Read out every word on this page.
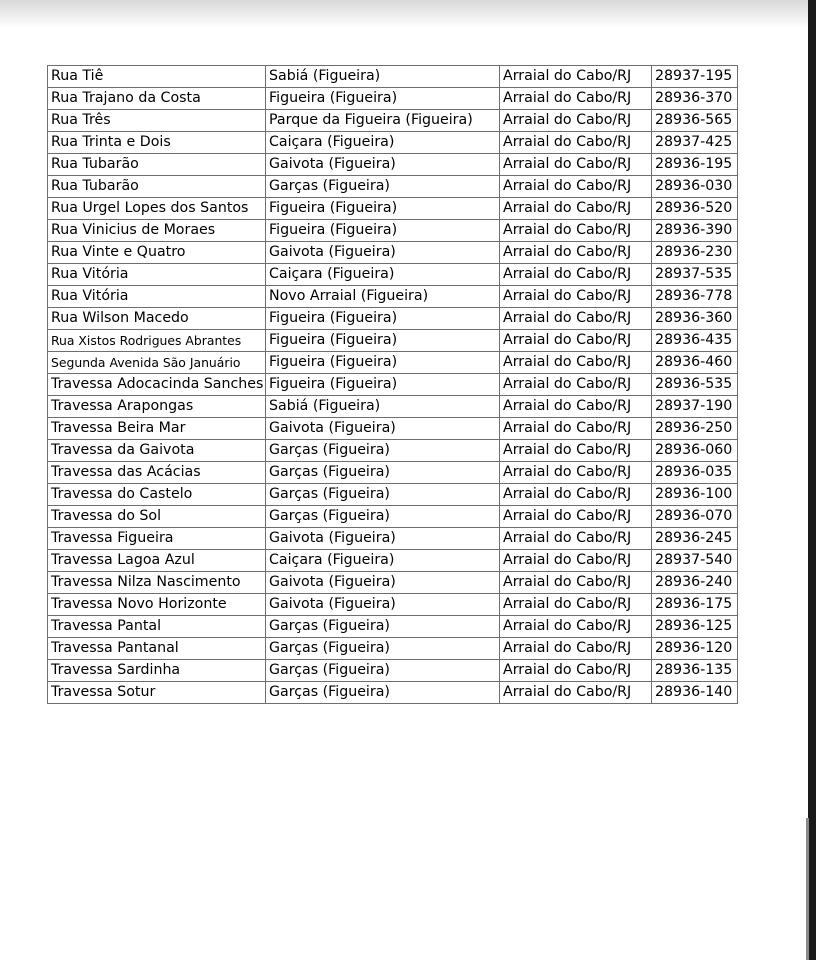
Rua Tiê	Sabiá (Figueira)	Arraial do Cabo/RJ	28937-195
Rua Trajano da Costa	Figueira (Figueira)	Arraial do Cabo/RJ	28936-370
Rua Três	Parque da Figueira (Figueira)	Arraial do Cabo/RJ	28936-565
Rua Trinta e Dois	Caiçara (Figueira)	Arraial do Cabo/RJ	28937-425
Rua Tubarão	Gaivota (Figueira)	Arraial do Cabo/RJ	28936-195
Rua Tubarão	Garças (Figueira)	Arraial do Cabo/RJ	28936-030
Rua Urgel Lopes dos Santos	Figueira (Figueira)	Arraial do Cabo/RJ	28936-520
Rua Vinicius de Moraes	Figueira (Figueira)	Arraial do Cabo/RJ	28936-390
Rua Vinte e Quatro	Gaivota (Figueira)	Arraial do Cabo/RJ	28936-230
Rua Vitória	Caiçara (Figueira)	Arraial do Cabo/RJ	28937-535
Rua Vitória	Novo Arraial (Figueira)	Arraial do Cabo/RJ	28936-778
Rua Wilson Macedo	Figueira (Figueira)	Arraial do Cabo/RJ	28936-360
Rua Xistos Rodrigues Abrantes	Figueira (Figueira)	Arraial do Cabo/RJ	28936-435
Segunda Avenida São Januário	Figueira (Figueira)	Arraial do Cabo/RJ	28936-460
Travessa Adocacinda Sanches	Figueira (Figueira)	Arraial do Cabo/RJ	28936-535
Travessa Arapongas	Sabiá (Figueira)	Arraial do Cabo/RJ	28937-190
Travessa Beira Mar	Gaivota (Figueira)	Arraial do Cabo/RJ	28936-250
Travessa da Gaivota	Garças (Figueira)	Arraial do Cabo/RJ	28936-060
Travessa das Acácias	Garças (Figueira)	Arraial do Cabo/RJ	28936-035
Travessa do Castelo	Garças (Figueira)	Arraial do Cabo/RJ	28936-100
Travessa do Sol	Garças (Figueira)	Arraial do Cabo/RJ	28936-070
Travessa Figueira	Gaivota (Figueira)	Arraial do Cabo/RJ	28936-245
Travessa Lagoa Azul	Caiçara (Figueira)	Arraial do Cabo/RJ	28937-540
Travessa Nilza Nascimento	Gaivota (Figueira)	Arraial do Cabo/RJ	28936-240
Travessa Novo Horizonte	Gaivota (Figueira)	Arraial do Cabo/RJ	28936-175
Travessa Pantal	Garças (Figueira)	Arraial do Cabo/RJ	28936-125
Travessa Pantanal	Garças (Figueira)	Arraial do Cabo/RJ	28936-120
Travessa Sardinha	Garças (Figueira)	Arraial do Cabo/RJ	28936-135
Travessa Sotur	Garças (Figueira)	Arraial do Cabo/RJ	28936-140
